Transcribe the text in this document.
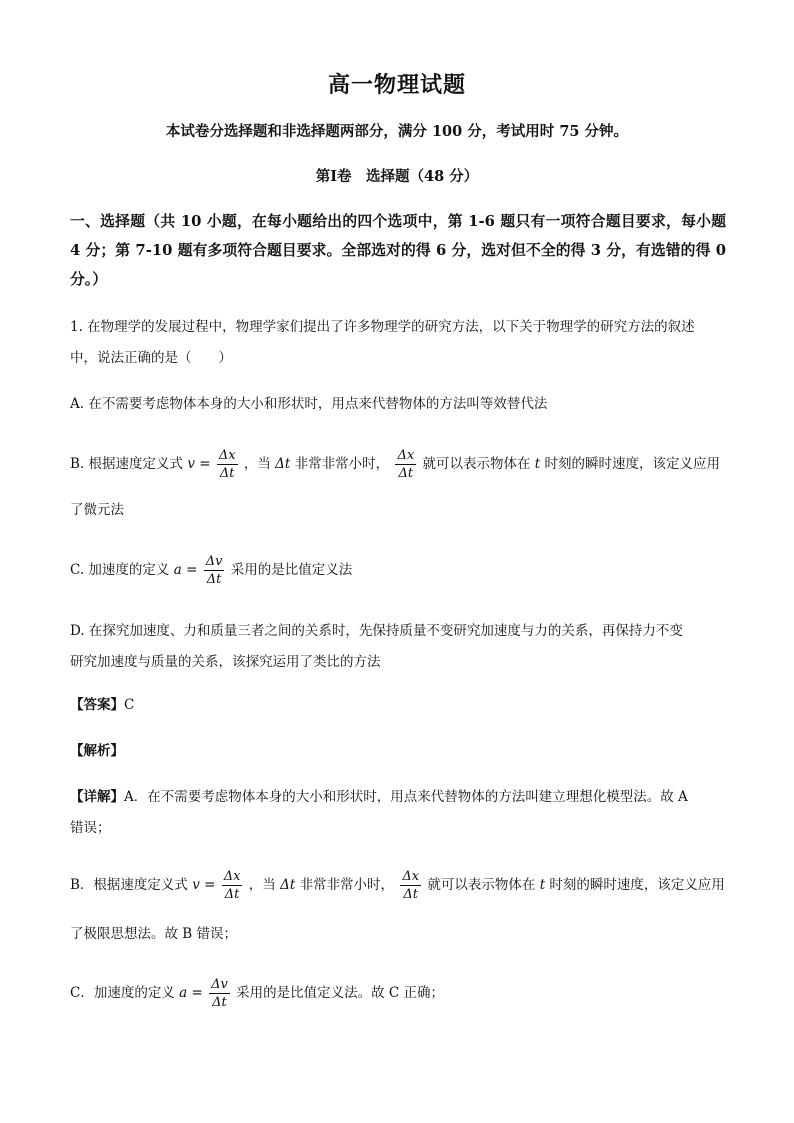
高一物理试题
本试卷分选择题和非选择题两部分，满分 100 分，考试用时 75 分钟。
第Ⅰ卷　选择题（48 分）
一、选择题（共 10 小题，在每小题给出的四个选项中，第 1-6 题只有一项符合题目要求，每小题 4 分；第 7-10 题有多项符合题目要求。全部选对的得 6 分，选对但不全的得 3 分，有选错的得 0 分。）
1. 在物理学的发展过程中，物理学家们提出了许多物理学的研究方法，以下关于物理学的研究方法的叙述
中，说法正确的是（　　）
A. 在不需要考虑物体本身的大小和形状时，用点来代替物体的方法叫等效替代法
B. 根据速度定义式 $v = \frac{\Delta x}{\Delta t}$ ，当 Δt 非常非常小时， $\frac{\Delta x}{\Delta t}$ 就可以表示物体在 t 时刻的瞬时速度，该定义应用
了微元法
C. 加速度的定义 $a = \frac{\Delta v}{\Delta t}$ 采用的是比值定义法
D. 在探究加速度、力和质量三者之间的关系时，先保持质量不变研究加速度与力的关系，再保持力不变
研究加速度与质量的关系，该探究运用了类比的方法
【答案】C
【解析】
【详解】A．在不需要考虑物体本身的大小和形状时，用点来代替物体的方法叫建立理想化模型法。故 A
错误；
B．根据速度定义式 $v = \frac{\Delta x}{\Delta t}$ ，当 Δt 非常非常小时， $\frac{\Delta x}{\Delta t}$ 就可以表示物体在 t 时刻的瞬时速度，该定义应用
了极限思想法。故 B 错误；
C．加速度的定义 $a = \frac{\Delta v}{\Delta t}$ 采用的是比值定义法。故 C 正确；
